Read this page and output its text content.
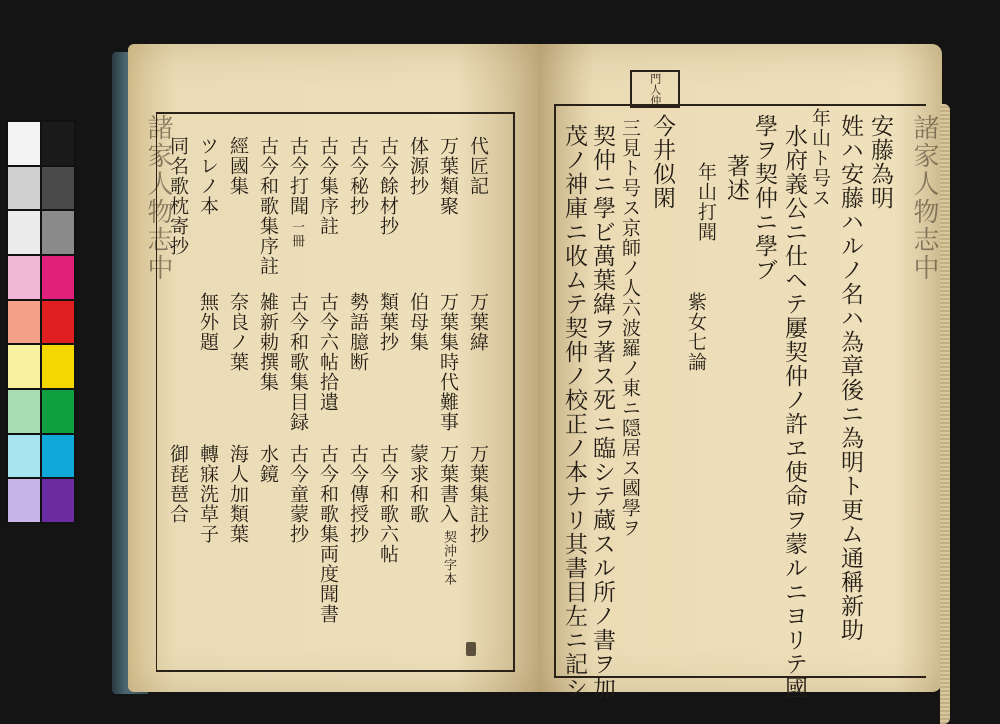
諸家人物志中	代匠記
万葉緯
万葉類聚
万葉集時代難事
体源抄
伯母集
古今餘材抄
類葉抄
古今秘抄
勢語臆断
古今集序註
古今六帖拾遺
古今打聞
一冊
古今和歌集目録
古今和歌集序註
雑新勅撰集
經國集
奈良ノ葉
ツレノ本
無外題
同名歌枕寄抄
万葉集註抄
万葉書入
契沖字本
蒙求和歌
古今和歌六帖
古今傳授抄
古今和歌集両度聞書
古今童蒙抄
水鏡
海人加類葉
轉寐洗草子
御琵琶合
門人仲
諸家人物志中
安藤為明
姓ハ安藤ハルノ名ハ為章後ニ為明ト更ム通稱新助
年山ト号ス
水府義公ニ仕ヘテ屢契仲ノ許ヱ使命ヲ蒙ルニヨリテ國
學ヲ契仲ニ學ブ
著述
年山打聞
紫女七論
今井似閑
三見ト号ス京師ノ人六波羅ノ東ニ隠居ス國學ヲ
契仲ニ學ビ萬葉緯ヲ著ス死ニ臨シテ蔵スル所ノ書ヲ加
茂ノ神庫ニ收ムテ契仲ノ校正ノ本ナリ其書目左ニ記シ
